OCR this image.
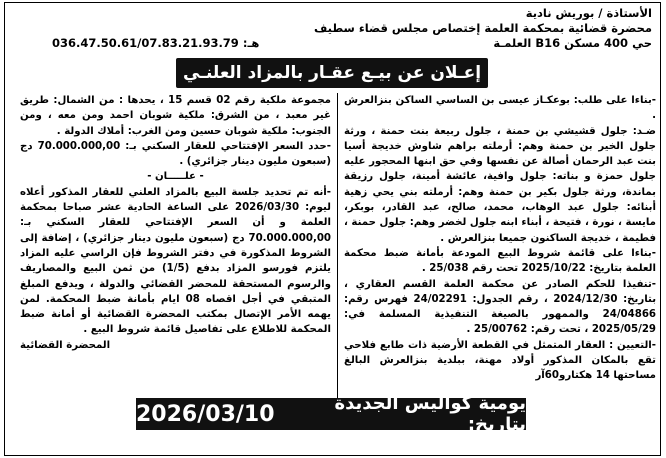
الأستاذة / بوريش نادية
محضرة قضائية بمحكمة العلمة إختصاص مجلس قضاء سطيف
حي 400 مسكن B16 العلمـة
هـ: 036.47.50.61/07.83.21.93.79
إعـلان عن بيـع عقـار بالمزاد العلنـي

-بناءا على طلب: بوعكـاز عيسى بن الساسي الساكن بنزالعرش .

ضـد: جلول قشيشي بن حمنة ، جلول ربيعة بنت حمنة ، ورثة جلول الخير بن حمنة وهم: أرملته براهم شاوش خديجة أسيا بنت عبد الرحمان أصالة عن نفسها وفي حق ابنها المحجور عليه جلول حمزة و بناته: جلول وافية، عائشة أمينة، جلول رزيقة بماندة، ورثة جلول بكير بن حمنة وهم: أرملته بني يحي زهية أبنائه: جلول عبد الوهاب، محمد، صالح، عبد القادر، بوبكر، مايسة ، نورة ، فتيحة ، أبناء ابنه جلول لخضر وهم: جلول حمنة ، فطيمة ، خديجة الساكنون جميعا بنزالعرش .

-بناءا على قائمة شروط البيع المودعة بأمانة ضبط محكمة العلمة بتاريخ: 2025/10/22 تحت رقم 25/038 .

-تنفيذا للحكم الصادر عن محكمة العلمة القسم العقاري ، بتاريخ: 2024/12/30 ، رقم الجدول: 24/02291 فهرس رقم: 24/04866 والممهور بالصيغة التنفيذية المسلمة في: 2025/05/29 ، تحت رقم: 25/00762 .

-التعيين : العقار المتمثل في القطعة الأرضية ذات طابع فلاحي تقع بالمكان المذكور أولاد مهنة، ببلدية بنزالعرش البالغ مساحتها 14 هكتارو60آر

مجموعة ملكية رقم 02 قسم 15 ، يحدها : من الشمال: طريق غير معبد ، من الشرق: ملكية شوبان احمد ومن معه ، ومن الجنوب: ملكية شوبان حسين ومن الغرب: أملاك الدولة .

-حدد السعر الإفتتاحي للعقار السكني بـ: 70.000.000,00 دج (سبعون مليون دينار جزائري) .

- علـــــان -

-أنه تم تحديد جلسة البيع بالمزاد العلني للعقار المذكور أعلاه ليوم: 2026/03/30 على الساعة الحادية عشر صباحا بمحكمة العلمة و أن السعر الإفتتاحي للعقار السكني بـ: 70.000.000,00 دج (سبعون مليون دينار جزائري) ، إضافة إلى الشروط المذكورة في دفتر الشروط فإن الراسي عليه المزاد يلتزم فورسو المزاد بدفع (1/5) من ثمن البيع والمصاريف والرسوم المستحقة للمحضر القضائي والدولة ، ويدفع المبلغ المتبقي في أجل اقصاه 08 ايام بأمانة ضبط المحكمة. لمن يهمه الأمر الإتصال بمكتب المحضرة القضائية أو أمانة ضبط المحكمة للاطلاع على تفاصيل قائمة شروط البيع .

المحضرة القضائية

يومية كواليس الجديدة بتاريخ:
2026/03/10
